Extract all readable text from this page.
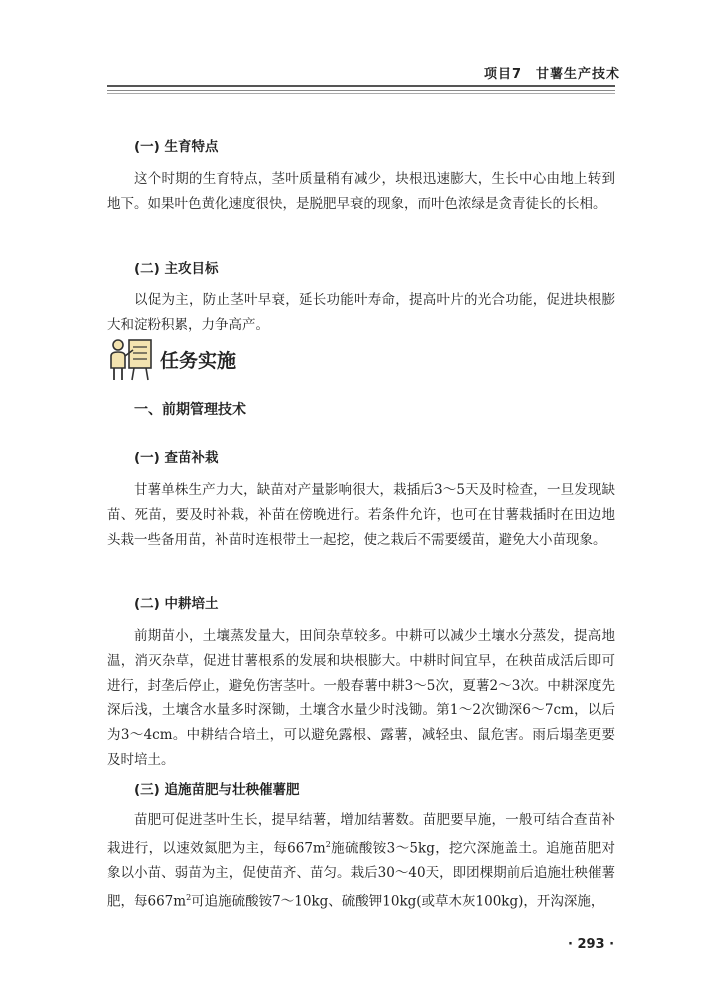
项目7　甘薯生产技术
(一) 生育特点
这个时期的生育特点，茎叶质量稍有减少，块根迅速膨大，生长中心由地上转到地下。如果叶色黄化速度很快，是脱肥早衰的现象，而叶色浓绿是贪青徒长的长相。
(二) 主攻目标
以促为主，防止茎叶早衰，延长功能叶寿命，提高叶片的光合功能，促进块根膨大和淀粉积累，力争高产。
任务实施
一、前期管理技术
(一) 查苗补栽
甘薯单株生产力大，缺苗对产量影响很大，栽插后3～5天及时检查，一旦发现缺苗、死苗，要及时补栽，补苗在傍晚进行。若条件允许，也可在甘薯栽插时在田边地头栽一些备用苗，补苗时连根带土一起挖，使之栽后不需要缓苗，避免大小苗现象。
(二) 中耕培土
前期苗小，土壤蒸发量大，田间杂草较多。中耕可以减少土壤水分蒸发，提高地温，消灭杂草，促进甘薯根系的发展和块根膨大。中耕时间宜早，在秧苗成活后即可进行，封垄后停止，避免伤害茎叶。一般春薯中耕3～5次，夏薯2～3次。中耕深度先深后浅，土壤含水量多时深锄，土壤含水量少时浅锄。第1～2次锄深6～7cm，以后为3～4cm。中耕结合培土，可以避免露根、露薯，减轻虫、鼠危害。雨后塌垄更要及时培土。
(三) 追施苗肥与壮秧催薯肥
苗肥可促进茎叶生长，提早结薯，增加结薯数。苗肥要早施，一般可结合查苗补栽进行，以速效氮肥为主，每$667m^2$施硫酸铵3～5kg，挖穴深施盖土。追施苗肥对象以小苗、弱苗为主，促使苗齐、苗匀。栽后30～40天，即团棵期前后追施壮秧催薯肥，每$667m^2$可追施硫酸铵7～10kg、硫酸钾10kg(或草木灰100kg)，开沟深施，
· 293 ·
